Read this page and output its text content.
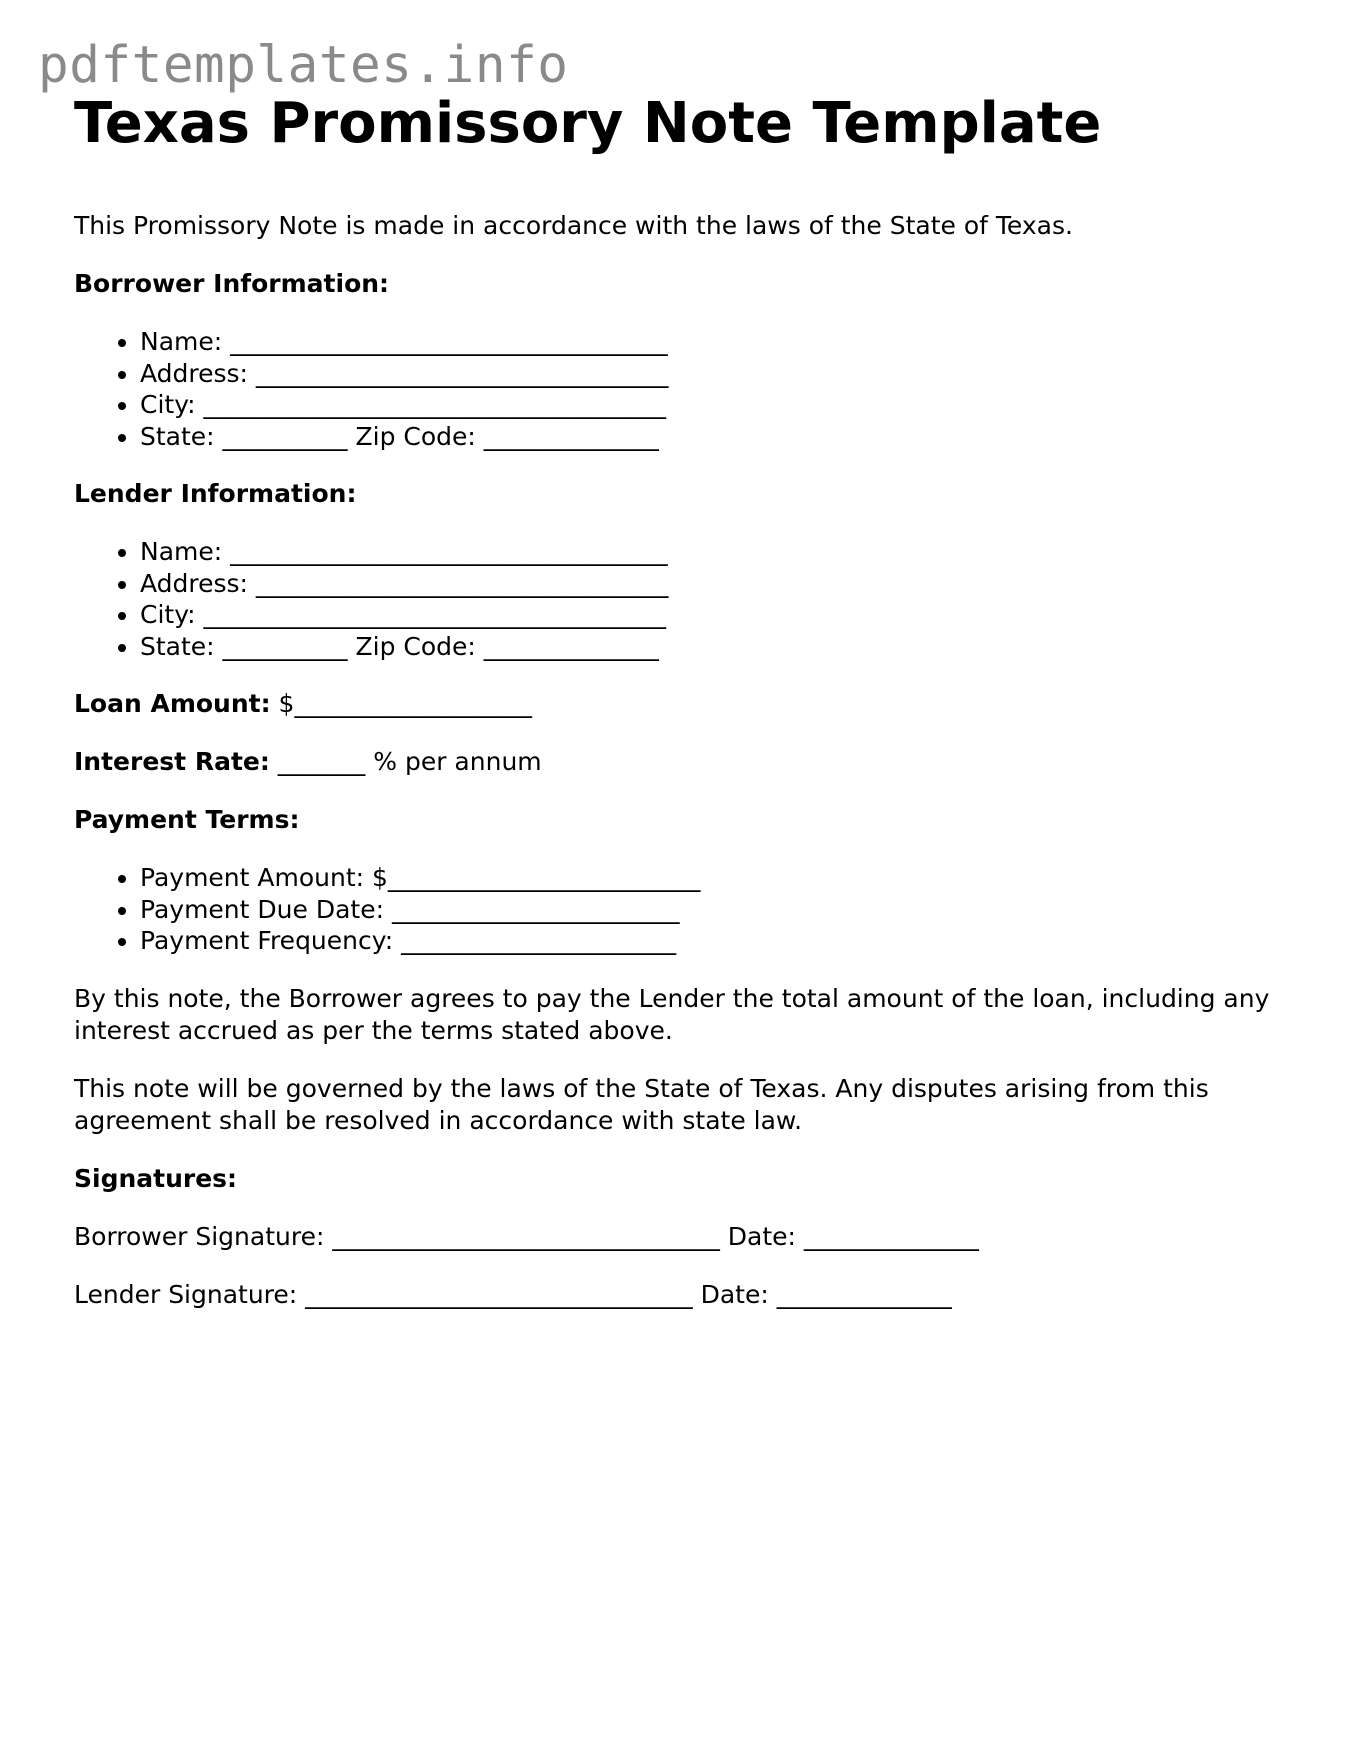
pdftemplates.info
Texas Promissory Note Template

This Promissory Note is made in accordance with the laws of the State of Texas.

Borrower Information:

• Name: ___________________________________
• Address: _________________________________
• City: _____________________________________
• State: __________ Zip Code: ______________

Lender Information:

• Name: ___________________________________
• Address: _________________________________
• City: _____________________________________
• State: __________ Zip Code: ______________

Loan Amount: $___________________

Interest Rate: _______ % per annum

Payment Terms:

• Payment Amount: $_________________________
• Payment Due Date: _______________________
• Payment Frequency: ______________________

By this note, the Borrower agrees to pay the Lender the total amount of the loan, including any interest accrued as per the terms stated above.

This note will be governed by the laws of the State of Texas. Any disputes arising from this agreement shall be resolved in accordance with state law.

Signatures:

Borrower Signature: _______________________________ Date: ______________

Lender Signature: _______________________________ Date: ______________
